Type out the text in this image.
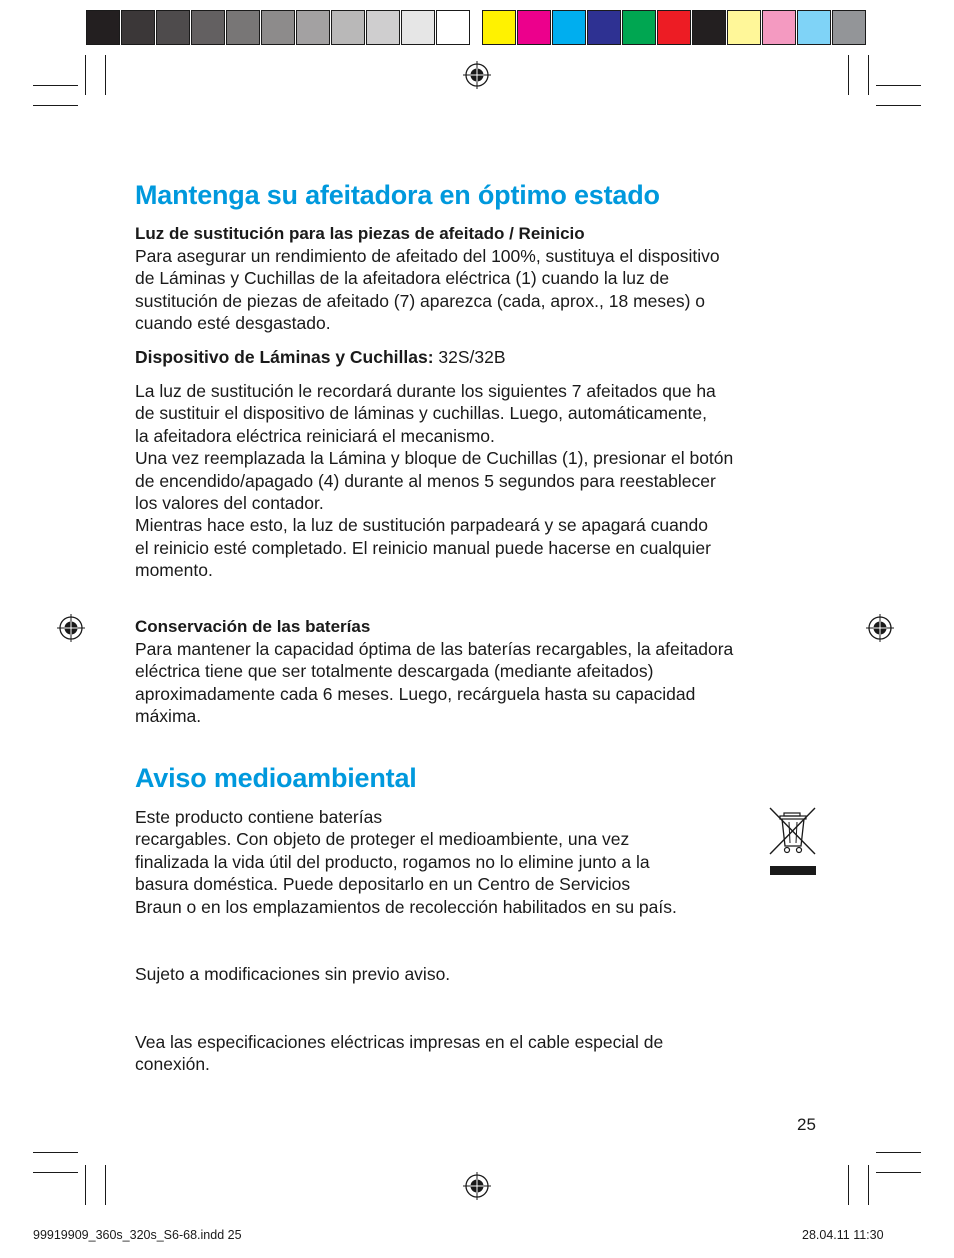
Mantenga su afeitadora en óptimo estado
Luz de sustitución para las piezas de afeitado / Reinicio
Para asegurar un rendimiento de afeitado del 100%, sustituya el dispositivo
de Láminas y Cuchillas de la afeitadora eléctrica (1) cuando la luz de
sustitución de piezas de afeitado (7) aparezca (cada, aprox., 18 meses) o
cuando esté desgastado.
Dispositivo de Láminas y Cuchillas: 32S/32B
La luz de sustitución le recordará durante los siguientes 7 afeitados que ha
de sustituir el dispositivo de láminas y cuchillas. Luego, automáticamente,
la afeitadora eléctrica reiniciará el mecanismo.
Una vez reemplazada la Lámina y bloque de Cuchillas (1), presionar el botón
de encendido/apagado (4) durante al menos 5 segundos para reestablecer
los valores del contador.
Mientras hace esto, la luz de sustitución parpadeará y se apagará cuando
el reinicio esté completado. El reinicio manual puede hacerse en cualquier
momento.
Conservación de las baterías
Para mantener la capacidad óptima de las baterías recargables, la afeitadora
eléctrica tiene que ser totalmente descargada (mediante afeitados)
aproximadamente cada 6 meses. Luego, recárguela hasta su capacidad
máxima.
Aviso medioambiental
Este producto contiene baterías
recargables. Con objeto de proteger el medioambiente, una vez
finalizada la vida útil del producto, rogamos no lo elimine junto a la
basura doméstica. Puede depositarlo en un Centro de Servicios
Braun o en los emplazamientos de recolección habilitados en su país.
Sujeto a modificaciones sin previo aviso.
Vea las especificaciones eléctricas impresas en el cable especial de
conexión.
25
99919909_360s_320s_S6-68.indd 25	28.04.11 11:30
